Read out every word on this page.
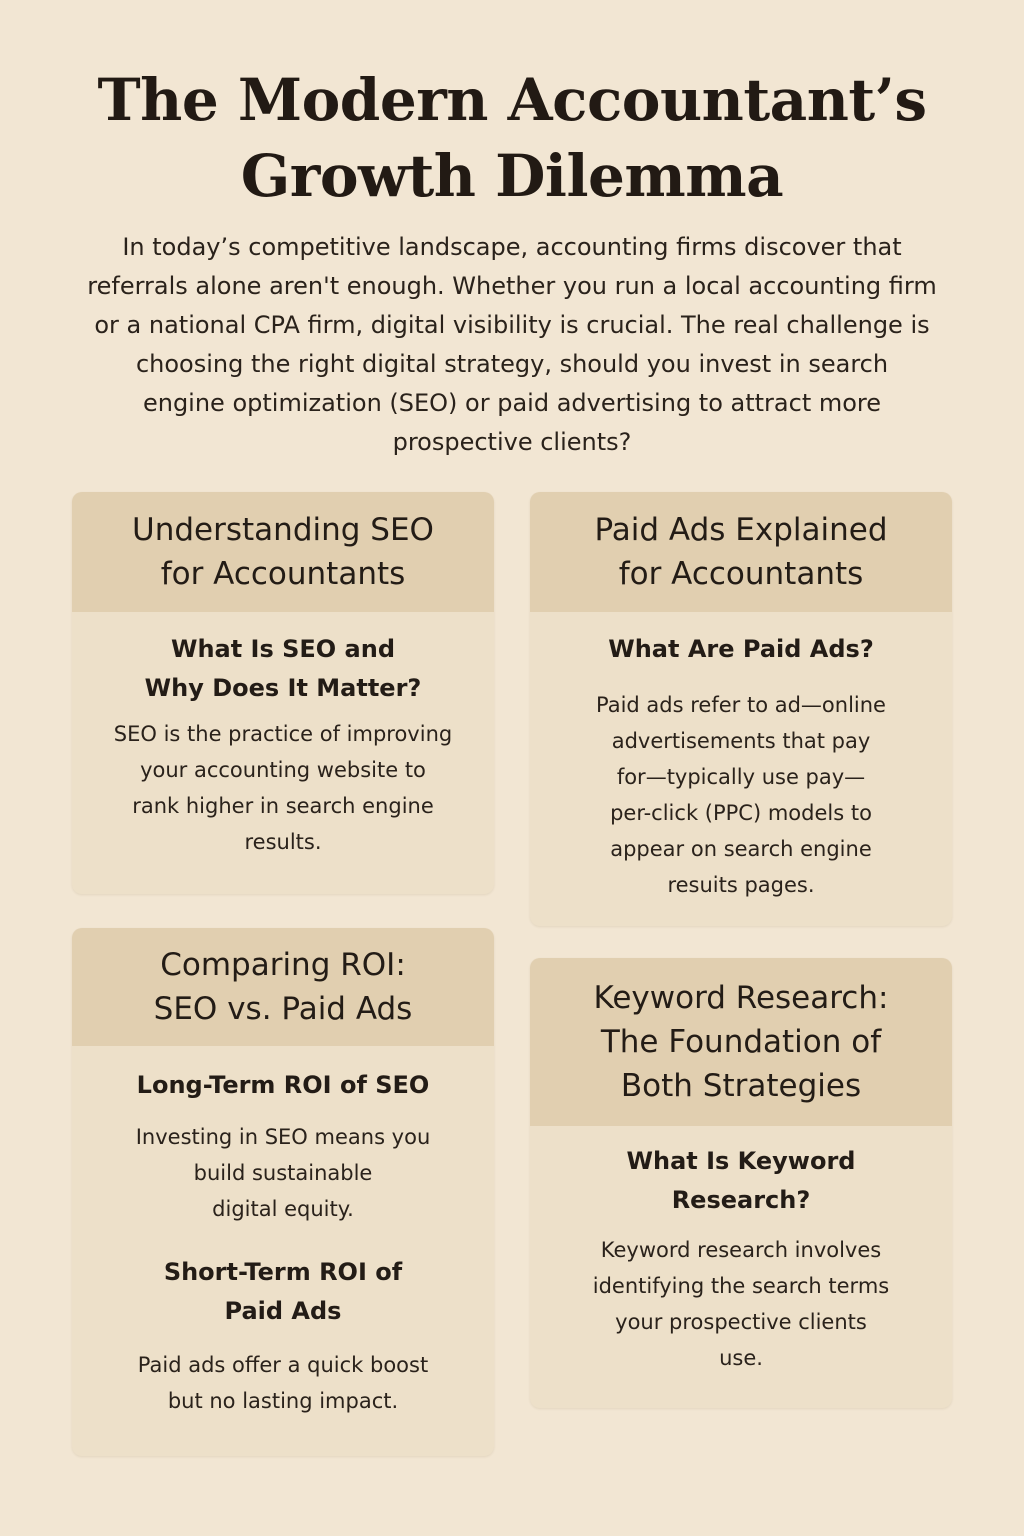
The Modern Accountant’s
Growth Dilemma

In today’s competitive landscape, accounting firms discover that
referrals alone aren't enough. Whether you run a local accounting firm
or a national CPA firm, digital visibility is crucial. The real challenge is
choosing the right digital strategy, should you invest in search
engine optimization (SEO) or paid advertising to attract more
prospective clients?

Understanding SEO
for Accountants
What Is SEO and
Why Does It Matter?

SEO is the practice of improving
your accounting website to
rank higher in search engine
results.

Paid Ads Explained
for Accountants
What Are Paid Ads?

Paid ads refer to ad—online
advertisements that pay
for—typically use pay—
per-click (PPC) models to
appear on search engine
resuits pages.

Comparing ROI:
SEO vs. Paid Ads
Long-Term ROI of SEO

Investing in SEO means you
build sustainable
digital equity.

Short-Term ROI of
Paid Ads

Paid ads offer a quick boost
but no lasting impact.

Keyword Research:
The Foundation of
Both Strategies
What Is Keyword
Research?

Keyword research involves
identifying the search terms
your prospective clients
use.
